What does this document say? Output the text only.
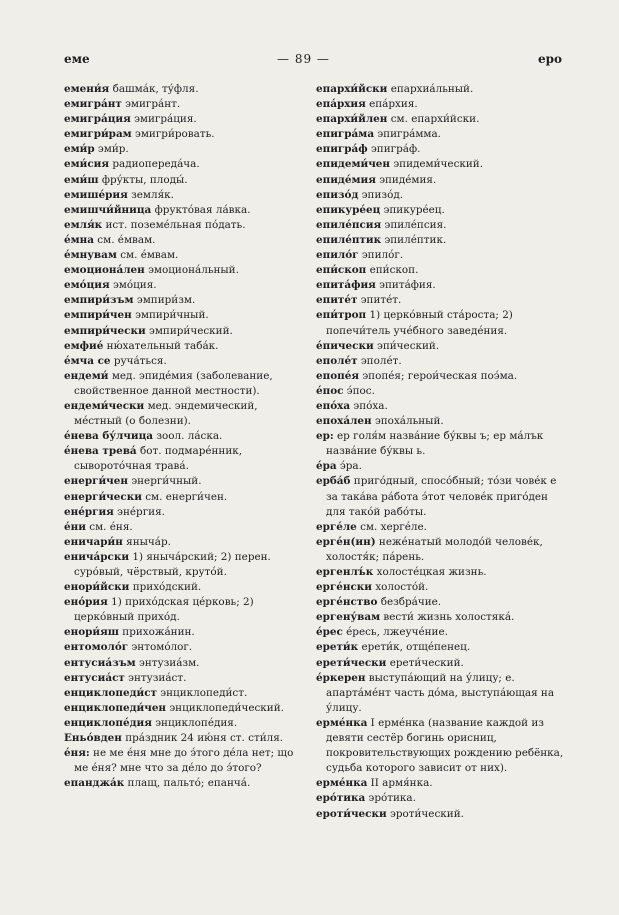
еме	— 89 —	еро

емени́я башма́к, ту́фля.

емигра́нт эмигра́нт.

емигра́ция эмигра́ция.

емигри́рам эмигри́ровать.

еми́р эми́р.

еми́сия радиопереда́ча.

еми́ш фру́кты, плоды́.

емише́рия земля́к.

емишчи́йница фрукто́вая ла́вка.

емля́к ист. поземе́льная по́дать.

е́мна см. е́мвам.

е́мнувам см. е́мвам.

емоциона́лен эмоциона́льный.

емо́ция эмо́ция.

емпири́зъм эмпири́зм.

емпири́чен эмпири́чный.

емпири́чески эмпири́ческий.

емфие́ ню́хательный таба́к.

е́мча се руча́ться.

ендеми́ мед. эпиде́мия (заболевание, свойственное данной местности).

ендеми́чески мед. эндемический, ме́стный (о болезни).

е́нева бу́лчица зоол. ла́ска.

е́нева трева́ бот. подмаре́нник, сыворото́чная трава́.

енерги́чен энерги́чный.

енерги́чески см. енерги́чен.

ене́ргия эне́ргия.

е́ни см. е́ня.

еничари́н янычáр.

еничáрски 1) янычáрский; 2) перен. суро́вый, чёрствый, круто́й.

енори́йски прихо́дский.

ено́рия 1) прихо́дская це́рковь; 2) церко́вный прихо́д.

енори́яш прихожа́нин.

ентомоло́г энтомо́лог.

ентусиа́зъм энтузиа́зм.

ентусиа́ст энтузиа́ст.

енциклопеди́ст энциклопеди́ст.

енциклопеди́чен энциклопеди́ческий.

енциклопе́дия энциклопе́дия.

Еньо́вден пра́здник 24 ию́ня ст. сти́ля.

е́ня: не ме е́ня мне до э́того де́ла нет; що ме е́ня? мне что за де́ло до э́того?

епанджа́к плащ, пальто́; епанча́.

епархи́йски епархиа́льный.

епа́рхия епа́рхия.

епархи́йлен см. епархи́йски.

епигра́ма эпигра́мма.

епигра́ф эпигра́ф.

епидеми́чен эпидеми́ческий.

епиде́мия эпиде́мия.

епизо́д эпизо́д.

епикуре́ец эпикуре́ец.

епиле́псия эпиле́псия.

епиле́птик эпиле́птик.

епило́г эпило́г.

епи́скоп епи́скоп.

епита́фия эпита́фия.

епите́т эпите́т.

епи́троп 1) церко́вный ста́роста; 2) попечи́тель уче́бного заведе́ния.

е́пически эпи́ческий.

еполе́т эполе́т.

епопе́я эпопе́я; герои́ческая поэ́ма.

е́пос э́пос.

епо́ха эпо́ха.

епоха́лен эпоха́льный.

ер: ер голя́м назва́ние бу́квы ъ; ер ма́лък назва́ние бу́квы ь.

е́ра э́ра.

ерба́б приго́дный, спосо́бный; то́зи чове́к е за така́ва ра́бота э́тот челове́к приго́ден для тако́й рабо́ты.

ерге́ле см. херге́ле.

ерге́н(ин) неже́натый молодо́й челове́к, холостя́к; па́рень.

ергенлъ́к холосте́цкая жизнь.

ерге́нски холосто́й.

ерге́нство безбра́чие.

ергену́вам вести́ жизнь холостяка́.

е́рес е́ресь, лжеуче́ние.

ерети́к ерети́к, отще́пенец.

ерети́чески ерети́ческий.

е́ркерен выступа́ющий на у́лицу; е. апарта́ме́нт часть до́ма, выступа́ющая на у́лицу.

ерме́нка I ерме́нка (название каждой из девяти сестёр богинь орисниц, покровительствующих рождению ребёнка, судьба которого зависит от них).

ерме́нка II армя́нка.

еро́тика эро́тика.

ероти́чески эроти́ческий.
